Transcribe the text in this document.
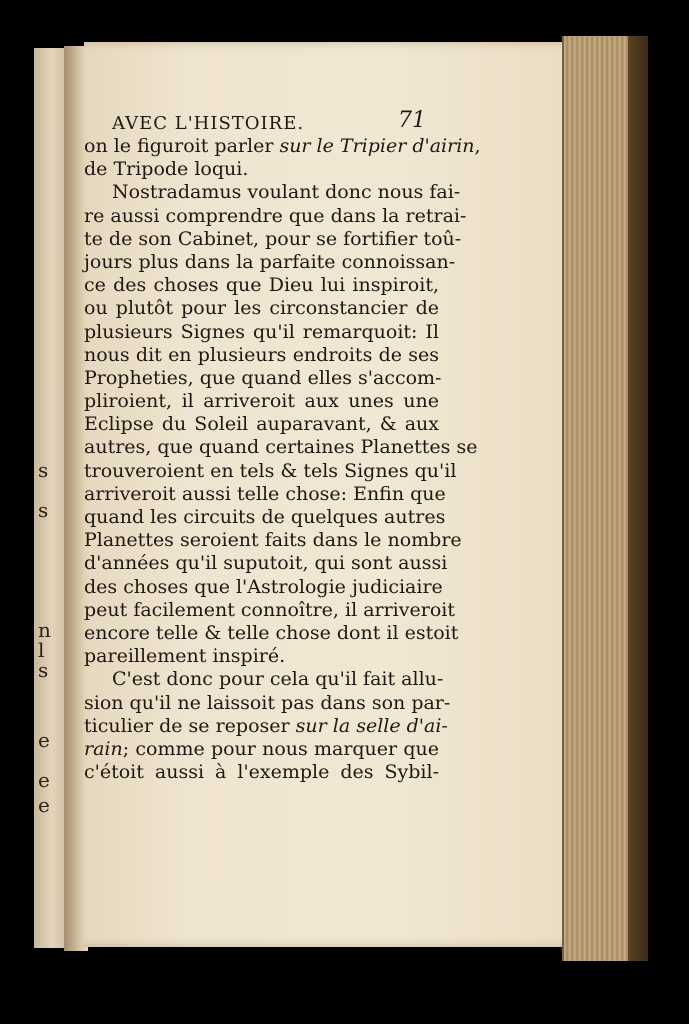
s
s
n
l
s
e
e
e
AVEC L'HISTOIRE.	71
on le figuroit parler sur le Tripier d'airin,
de Tripode loqui.
Nostradamus voulant donc nous fai-
re aussi comprendre que dans la retrai-
te de son Cabinet, pour se fortifier toû-
jours plus dans la parfaite connoissan-
ce des choses que Dieu lui inspiroit,
ou plutôt pour les circonstancier de
plusieurs Signes qu'il remarquoit: Il
nous dit en plusieurs endroits de ses
Propheties, que quand elles s'accom-
pliroient, il arriveroit aux unes une
Eclipse du Soleil auparavant, & aux
autres, que quand certaines Planettes se
trouveroient en tels & tels Signes qu'il
arriveroit aussi telle chose: Enfin que
quand les circuits de quelques autres
Planettes seroient faits dans le nombre
d'années qu'il suputoit, qui sont aussi
des choses que l'Astrologie judiciaire
peut facilement connoître, il arriveroit
encore telle & telle chose dont il estoit
pareillement inspiré.
C'est donc pour cela qu'il fait allu-
sion qu'il ne laissoit pas dans son par-
ticulier de se reposer sur la selle d'ai-
rain; comme pour nous marquer que
c'étoit aussi à l'exemple des Sybil-
